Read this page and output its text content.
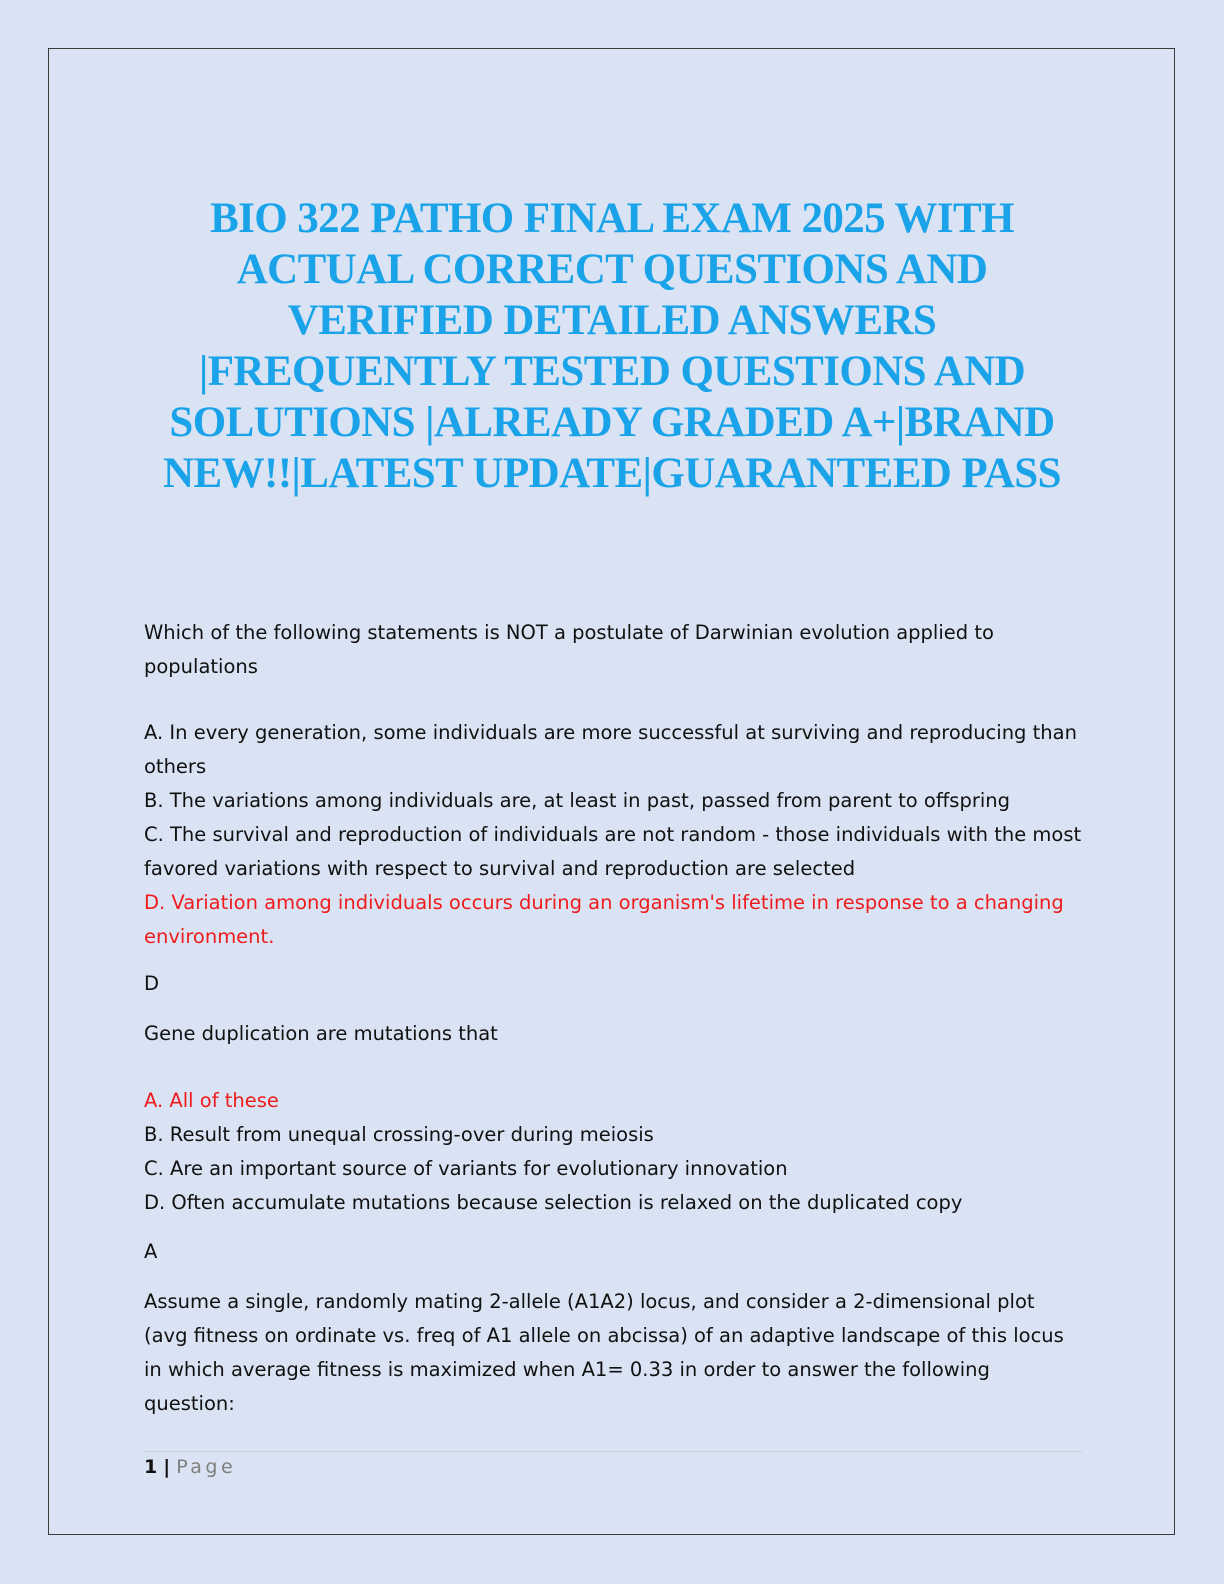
BIO 322 PATHO FINAL EXAM 2025 WITH ACTUAL CORRECT QUESTIONS AND VERIFIED DETAILED ANSWERS |FREQUENTLY TESTED QUESTIONS AND SOLUTIONS |ALREADY GRADED A+|BRAND NEW!!|LATEST UPDATE|GUARANTEED PASS

Which of the following statements is NOT a postulate of Darwinian evolution applied to populations

A. In every generation, some individuals are more successful at surviving and reproducing than others

B. The variations among individuals are, at least in past, passed from parent to offspring

C. The survival and reproduction of individuals are not random - those individuals with the most favored variations with respect to survival and reproduction are selected

D. Variation among individuals occurs during an organism's lifetime in response to a changing environment.

D

Gene duplication are mutations that

A. All of these

B. Result from unequal crossing-over during meiosis

C. Are an important source of variants for evolutionary innovation

D. Often accumulate mutations because selection is relaxed on the duplicated copy

A

Assume a single, randomly mating 2-allele (A1A2) locus, and consider a 2-dimensional plot (avg fitness on ordinate vs. freq of A1 allele on abcissa) of an adaptive landscape of this locus in which average fitness is maximized when A1= 0.33 in order to answer the following question:

1 | Page
